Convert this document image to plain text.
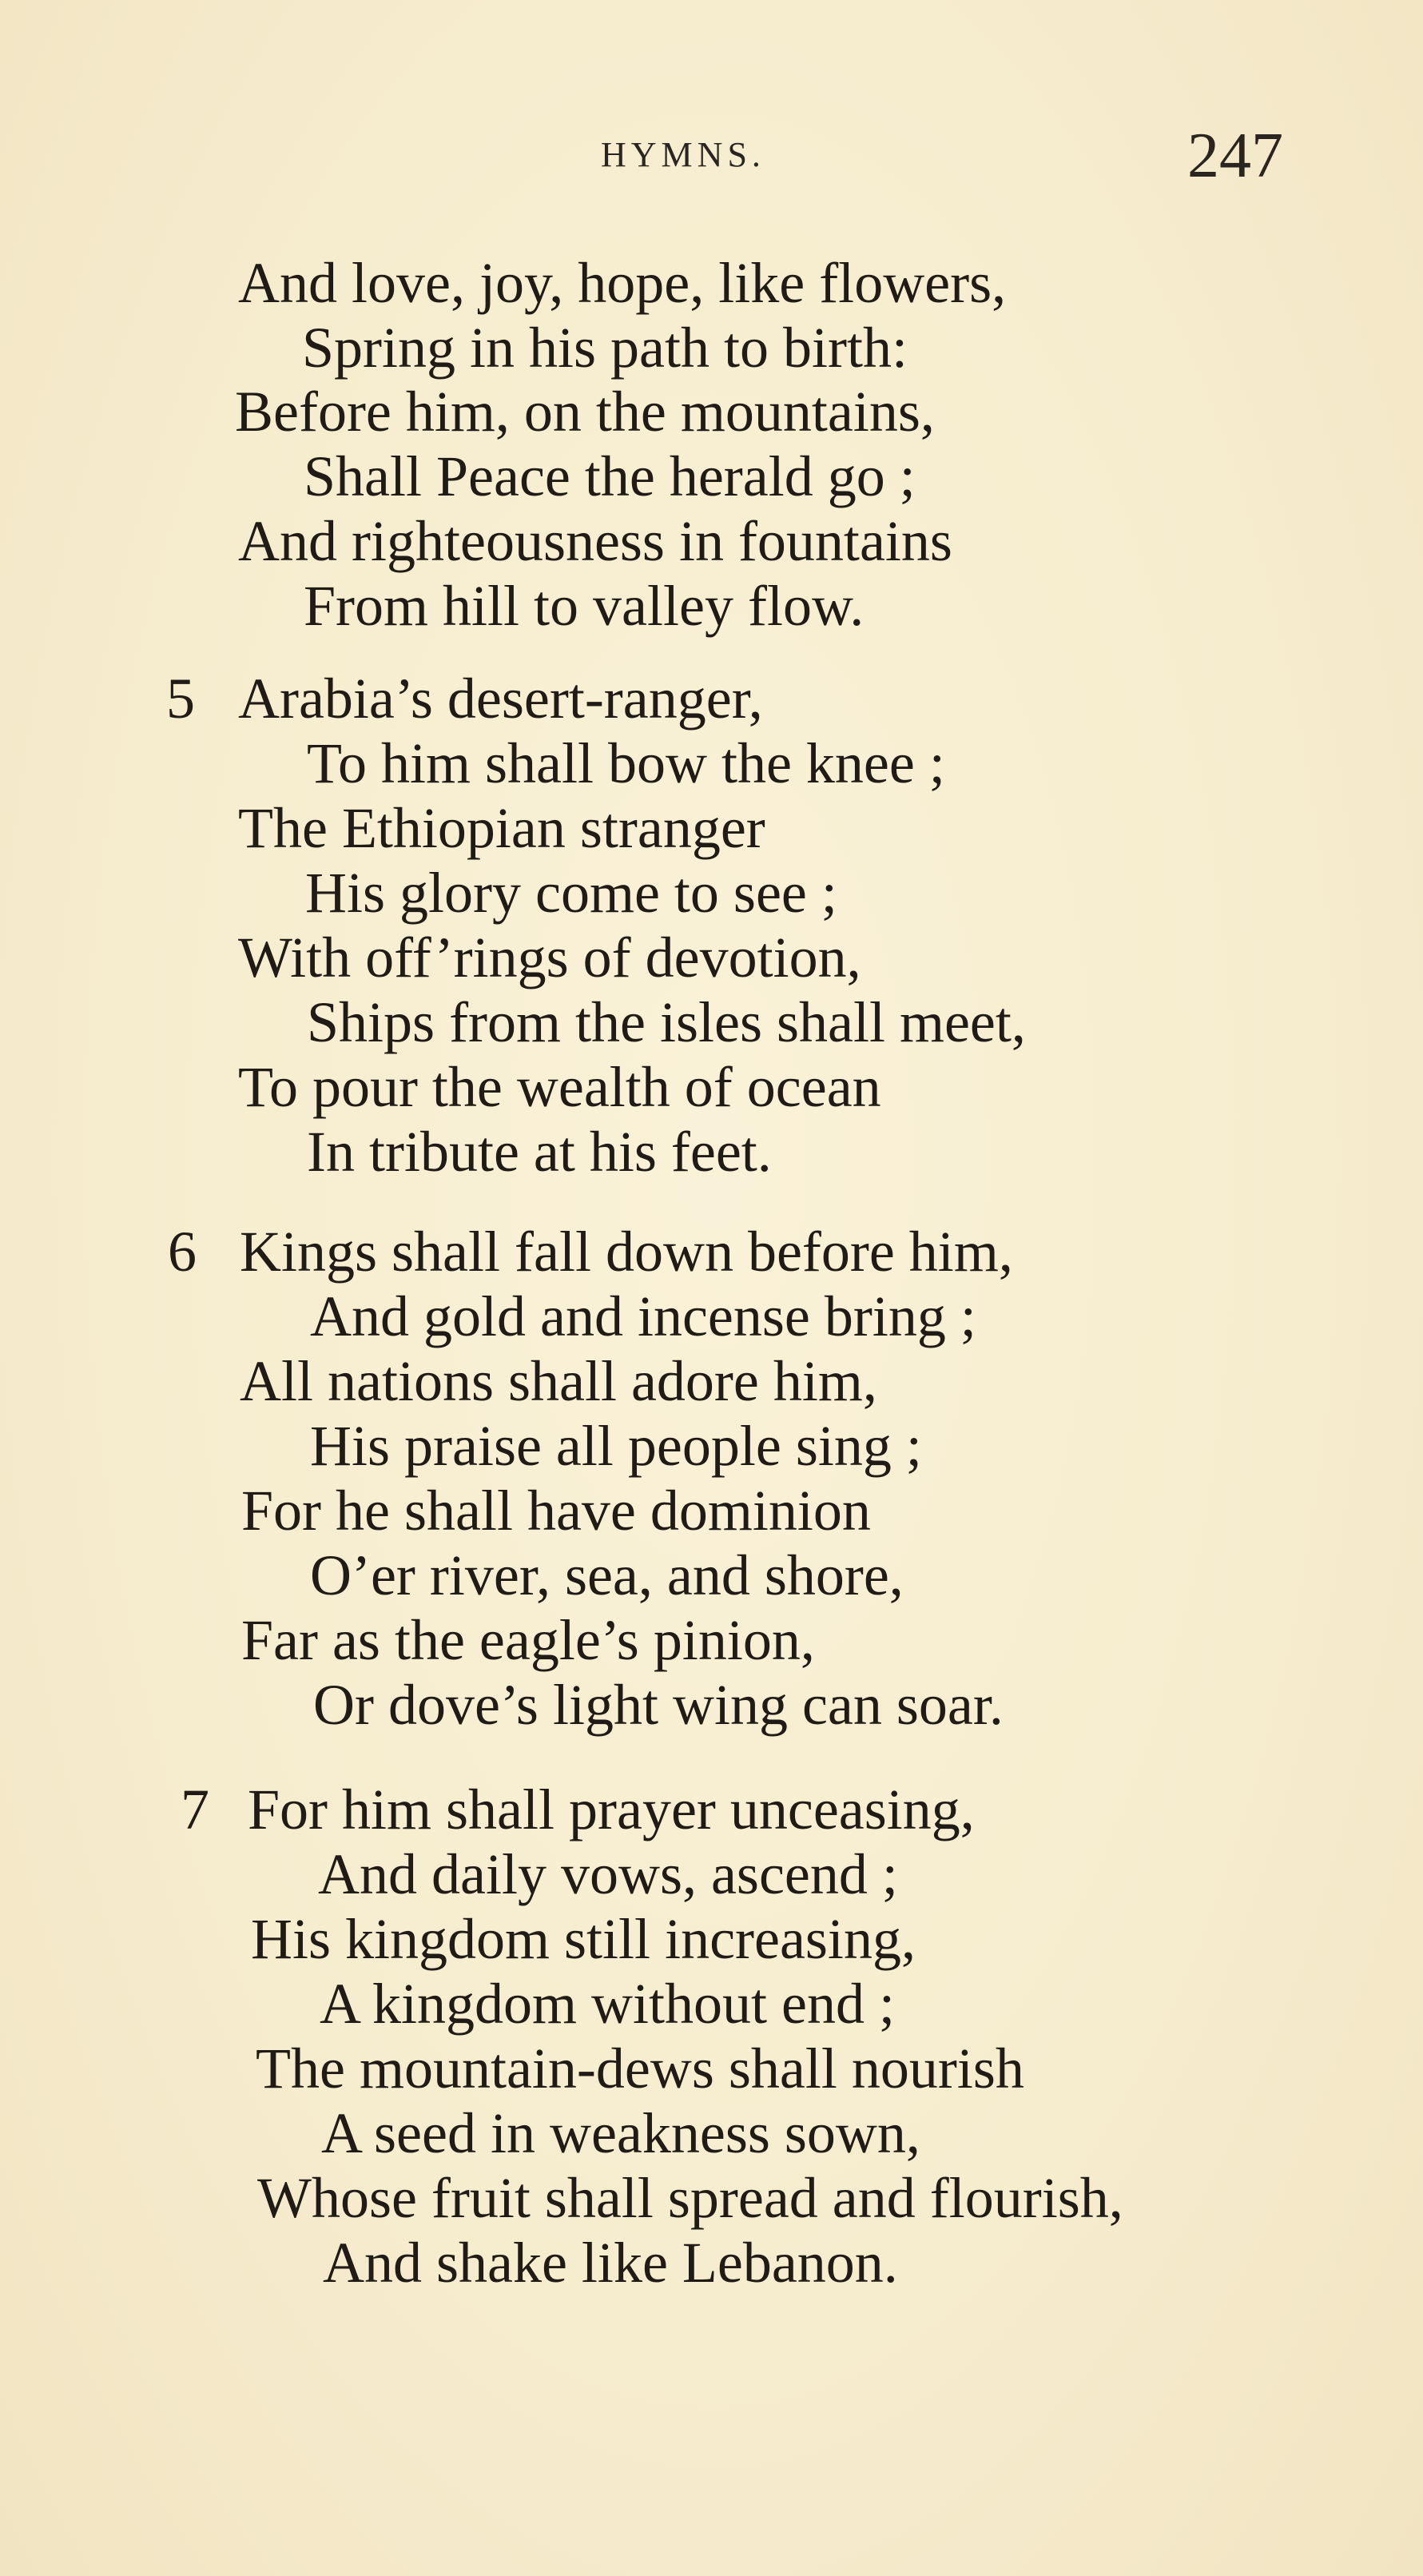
HYMNS.	247
And love, joy, hope, like flowers,
Spring in his path to birth:
Before him, on the mountains,
Shall Peace the herald go ;
And righteousness in fountains
From hill to valley flow.
5 Arabia’s desert-ranger,
To him shall bow the knee ;
The Ethiopian stranger
His glory come to see ;
With off’rings of devotion,
Ships from the isles shall meet,
To pour the wealth of ocean
In tribute at his feet.
6 Kings shall fall down before him,
And gold and incense bring ;
All nations shall adore him,
His praise all people sing ;
For he shall have dominion
O’er river, sea, and shore,
Far as the eagle’s pinion,
Or dove’s light wing can soar.
7 For him shall prayer unceasing,
And daily vows, ascend ;
His kingdom still increasing,
A kingdom without end ;
The mountain-dews shall nourish
A seed in weakness sown,
Whose fruit shall spread and flourish,
And shake like Lebanon.
